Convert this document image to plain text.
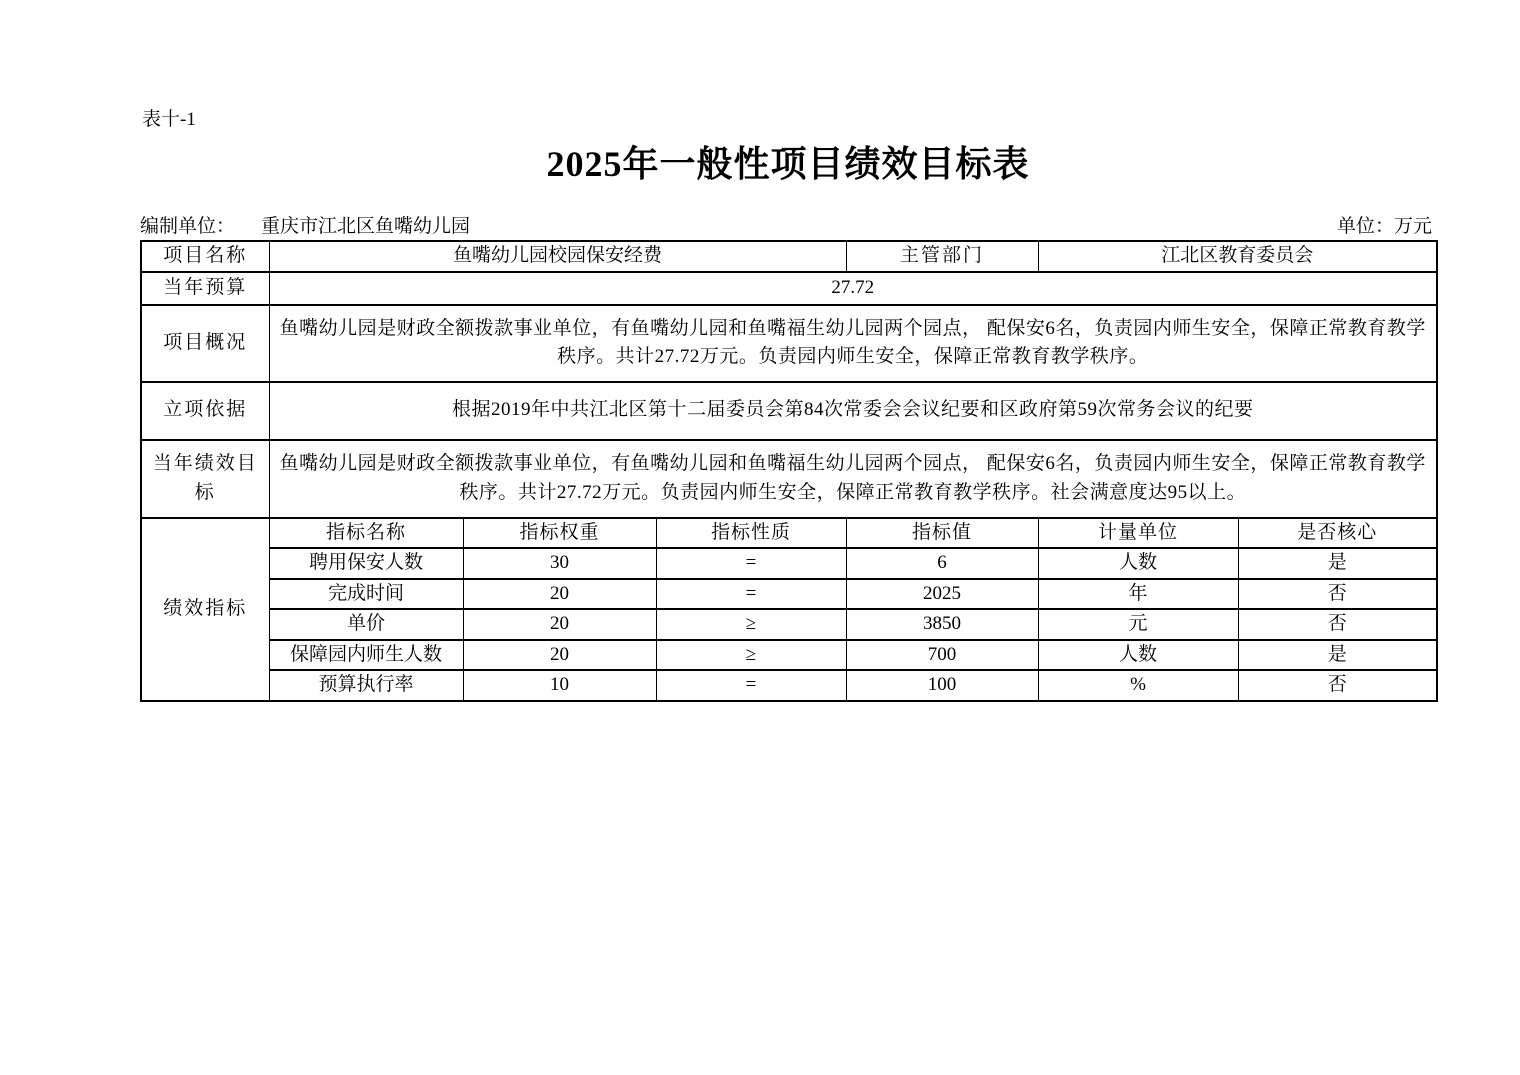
表十-1
2025年一般性项目绩效目标表
编制单位： 重庆市江北区鱼嘴幼儿园	单位：万元
项目名称	鱼嘴幼儿园校园保安经费			主管部门	江北区教育委员会	
当年预算	27.72					
项目概况	鱼嘴幼儿园是财政全额拨款事业单位，有鱼嘴幼儿园和鱼嘴福生幼儿园两个园点， 配保安6名，负责园内师生安全，保障正常教育教学秩序。共计27.72万元。负责园内师生安全，保障正常教育教学秩序。					
立项依据	根据2019年中共江北区第十二届委员会第84次常委会会议纪要和区政府第59次常务会议的纪要					
当年绩效目标	鱼嘴幼儿园是财政全额拨款事业单位，有鱼嘴幼儿园和鱼嘴福生幼儿园两个园点， 配保安6名，负责园内师生安全，保障正常教育教学秩序。共计27.72万元。负责园内师生安全，保障正常教育教学秩序。社会满意度达95以上。					
绩效指标	指标名称	指标权重	指标性质	指标值	计量单位	是否核心
	聘用保安人数	30	=	6	人数	是
	完成时间	20	=	2025	年	否
	单价	20	≥	3850	元	否
	保障园内师生人数	20	≥	700	人数	是
	预算执行率	10	=	100	%	否
